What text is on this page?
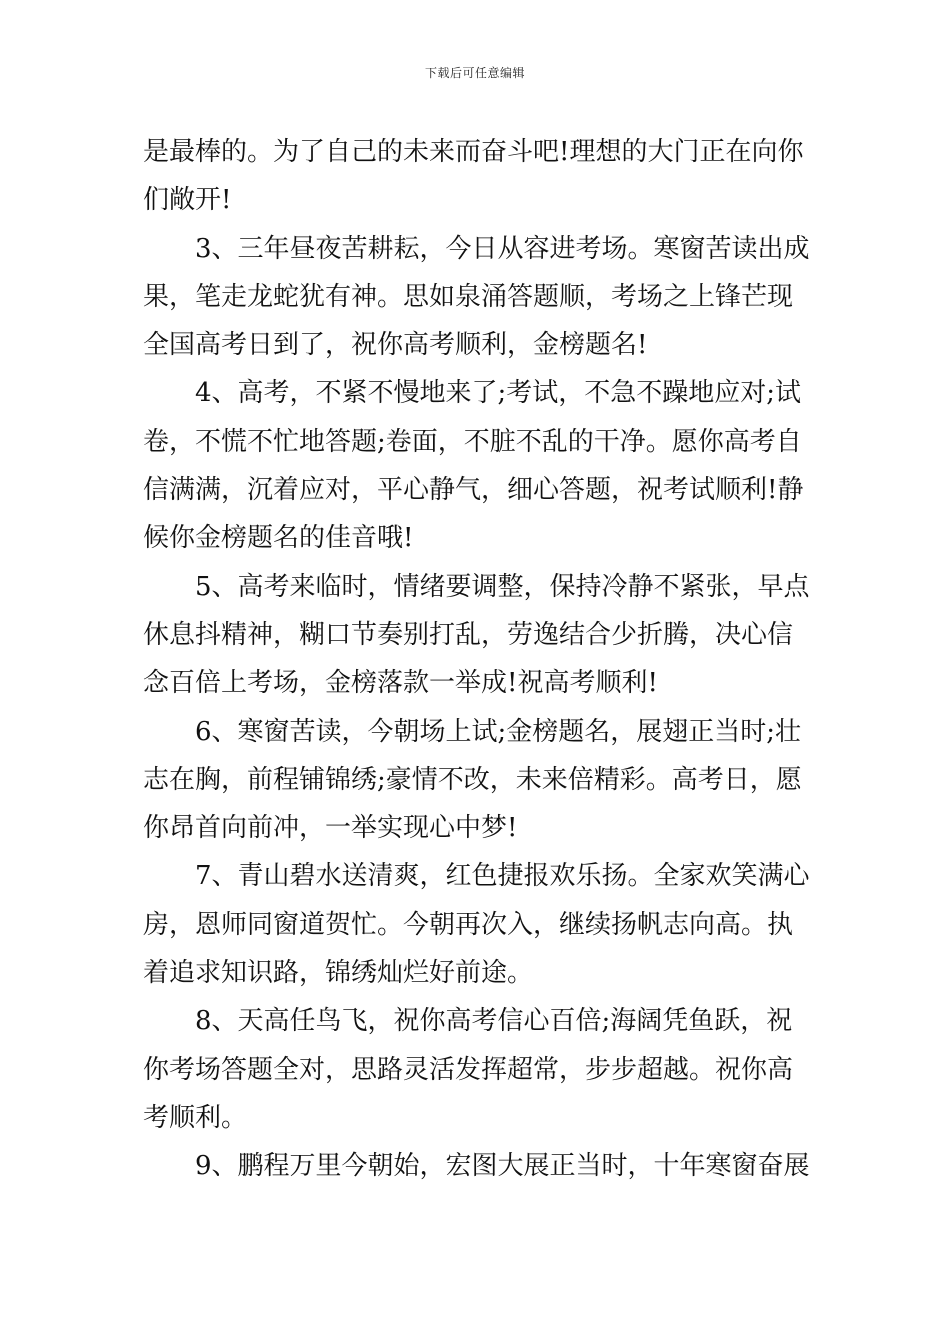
下载后可任意编辑
是最棒的。为了自己的未来而奋斗吧!理想的大门正在向你
们敞开!
3、三年昼夜苦耕耘，今日从容进考场。寒窗苦读出成
果，笔走龙蛇犹有神。思如泉涌答题顺，考场之上锋芒现
全国高考日到了，祝你高考顺利，金榜题名!
4、高考，不紧不慢地来了;考试，不急不躁地应对;试
卷，不慌不忙地答题;卷面，不脏不乱的干净。愿你高考自
信满满，沉着应对，平心静气，细心答题，祝考试顺利!静
候你金榜题名的佳音哦!
5、高考来临时，情绪要调整，保持冷静不紧张，早点
休息抖精神，糊口节奏别打乱，劳逸结合少折腾，决心信
念百倍上考场，金榜落款一举成!祝高考顺利!
6、寒窗苦读，今朝场上试;金榜题名，展翅正当时;壮
志在胸，前程铺锦绣;豪情不改，未来倍精彩。高考日，愿
你昂首向前冲，一举实现心中梦!
7、青山碧水送清爽，红色捷报欢乐扬。全家欢笑满心
房，恩师同窗道贺忙。今朝再次入，继续扬帆志向高。执
着追求知识路，锦绣灿烂好前途。
8、天高任鸟飞，祝你高考信心百倍;海阔凭鱼跃，祝
你考场答题全对，思路灵活发挥超常，步步超越。祝你高
考顺利。
9、鹏程万里今朝始，宏图大展正当时，十年寒窗奋展
